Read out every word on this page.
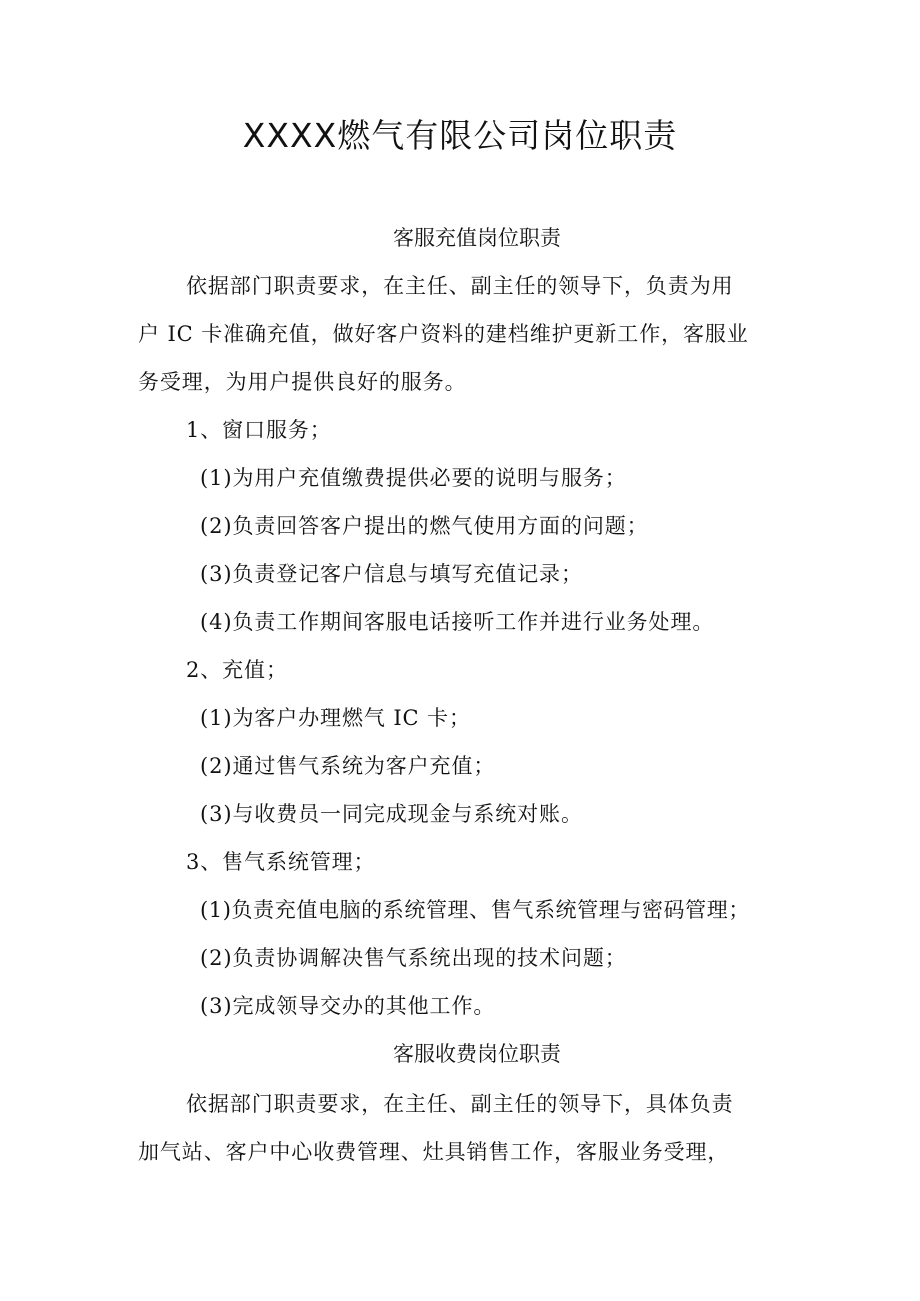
XXXX燃气有限公司岗位职责
客服充值岗位职责
依据部门职责要求，在主任、副主任的领导下，负责为用
户 IC 卡准确充值，做好客户资料的建档维护更新工作，客服业
务受理，为用户提供良好的服务。
1、窗口服务；
(1)为用户充值缴费提供必要的说明与服务；
(2)负责回答客户提出的燃气使用方面的问题；
(3)负责登记客户信息与填写充值记录；
(4)负责工作期间客服电话接听工作并进行业务处理。
2、充值；
(1)为客户办理燃气 IC 卡；
(2)通过售气系统为客户充值；
(3)与收费员一同完成现金与系统对账。
3、售气系统管理；
(1)负责充值电脑的系统管理、售气系统管理与密码管理；
(2)负责协调解决售气系统出现的技术问题；
(3)完成领导交办的其他工作。
客服收费岗位职责
依据部门职责要求，在主任、副主任的领导下，具体负责
加气站、客户中心收费管理、灶具销售工作，客服业务受理，
